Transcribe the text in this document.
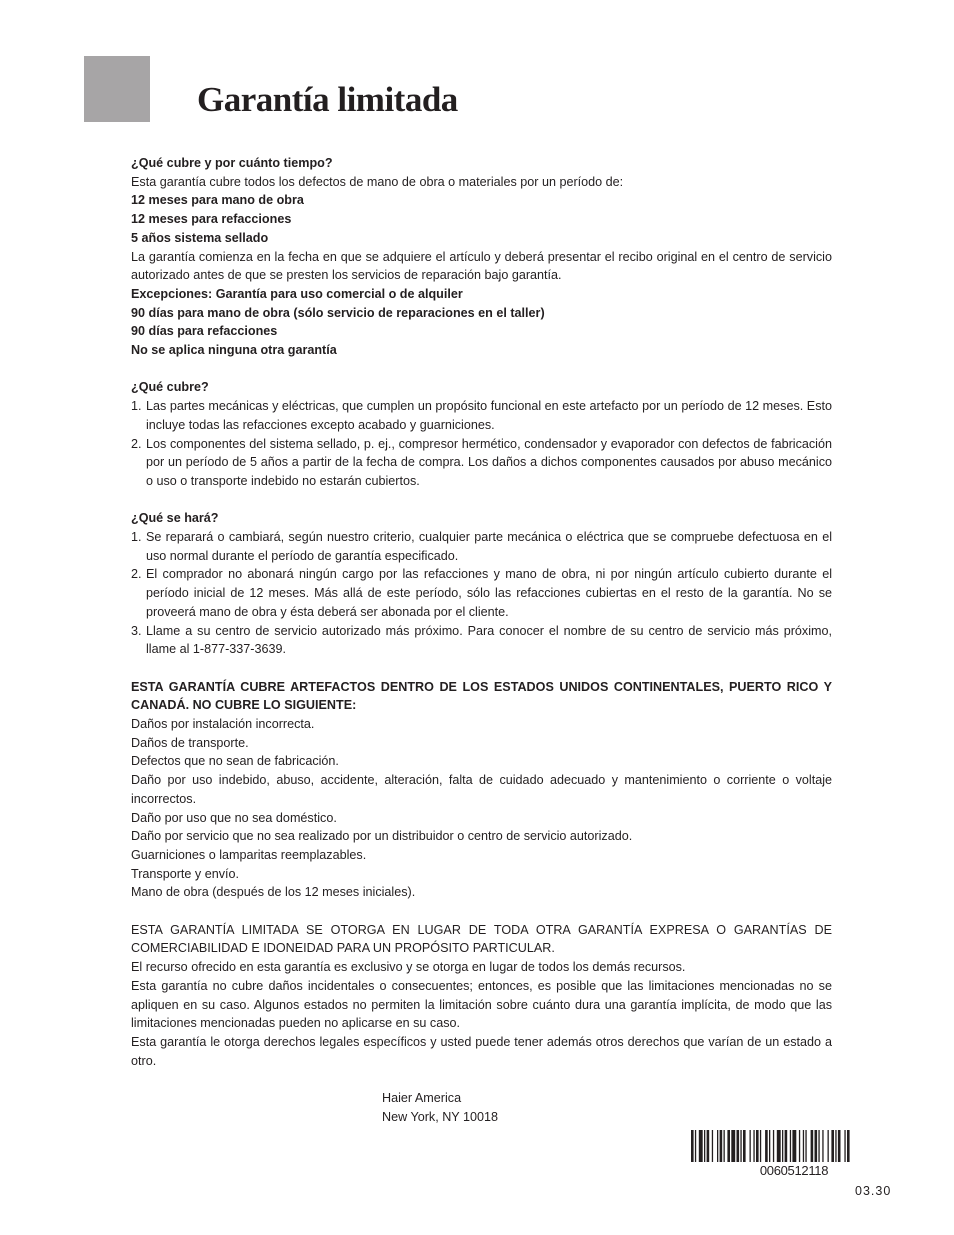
Garantía limitada

¿Qué cubre y por cuánto tiempo?

Esta garantía cubre todos los defectos de mano de obra o materiales por un período de:

12 meses para mano de obra

12 meses para refacciones

5 años sistema sellado

La garantía comienza en la fecha en que se adquiere el artículo y deberá presentar el recibo original en el centro de servicio autorizado antes de que se presten los servicios de reparación bajo garantía.

Excepciones: Garantía para uso comercial o de alquiler

90 días para mano de obra (sólo servicio de reparaciones en el taller)

90 días para refacciones

No se aplica ninguna otra garantía

¿Qué cubre?

1. Las partes mecánicas y eléctricas, que cumplen un propósito funcional en este artefacto por un período de 12 meses. Esto incluye todas las refacciones excepto acabado y guarniciones.
2. Los componentes del sistema sellado, p. ej., compresor hermético, condensador y evaporador con defectos de fabricación por un período de 5 años a partir de la fecha de compra. Los daños a dichos componentes causados por abuso mecánico o uso o transporte indebido no estarán cubiertos.

¿Qué se hará?

1. Se reparará o cambiará, según nuestro criterio, cualquier parte mecánica o eléctrica que se compruebe defectuosa en el uso normal durante el período de garantía especificado.
2. El comprador no abonará ningún cargo por las refacciones y mano de obra, ni por ningún artículo cubierto durante el período inicial de 12 meses. Más allá de este período, sólo las refacciones cubiertas en el resto de la garantía. No se proveerá mano de obra y ésta deberá ser abonada por el cliente.
3. Llame a su centro de servicio autorizado más próximo. Para conocer el nombre de su centro de servicio más próximo, llame al 1-877-337-3639.

ESTA GARANTÍA CUBRE ARTEFACTOS DENTRO DE LOS ESTADOS UNIDOS CONTINENTALES, PUERTO RICO Y CANADÁ. NO CUBRE LO SIGUIENTE:

Daños por instalación incorrecta.

Daños de transporte.

Defectos que no sean de fabricación.

Daño por uso indebido, abuso, accidente, alteración, falta de cuidado adecuado y mantenimiento o corriente o voltaje incorrectos.

Daño por uso que no sea doméstico.

Daño por servicio que no sea realizado por un distribuidor o centro de servicio autorizado.

Guarniciones o lamparitas reemplazables.

Transporte y envío.

Mano de obra (después de los 12 meses iniciales).

ESTA GARANTÍA LIMITADA SE OTORGA EN LUGAR DE TODA OTRA GARANTÍA EXPRESA O GARANTÍAS DE COMERCIABILIDAD E IDONEIDAD PARA UN PROPÓSITO PARTICULAR.

El recurso ofrecido en esta garantía es exclusivo y se otorga en lugar de todos los demás recursos.

Esta garantía no cubre daños incidentales o consecuentes; entonces, es posible que las limitaciones mencionadas no se apliquen en su caso. Algunos estados no permiten la limitación sobre cuánto dura una garantía implícita, de modo que las limitaciones mencionadas pueden no aplicarse en su caso.

Esta garantía le otorga derechos legales específicos y usted puede tener además otros derechos que varían de un estado a otro.

Haier America

New York, NY 10018

0060512118
03.30
